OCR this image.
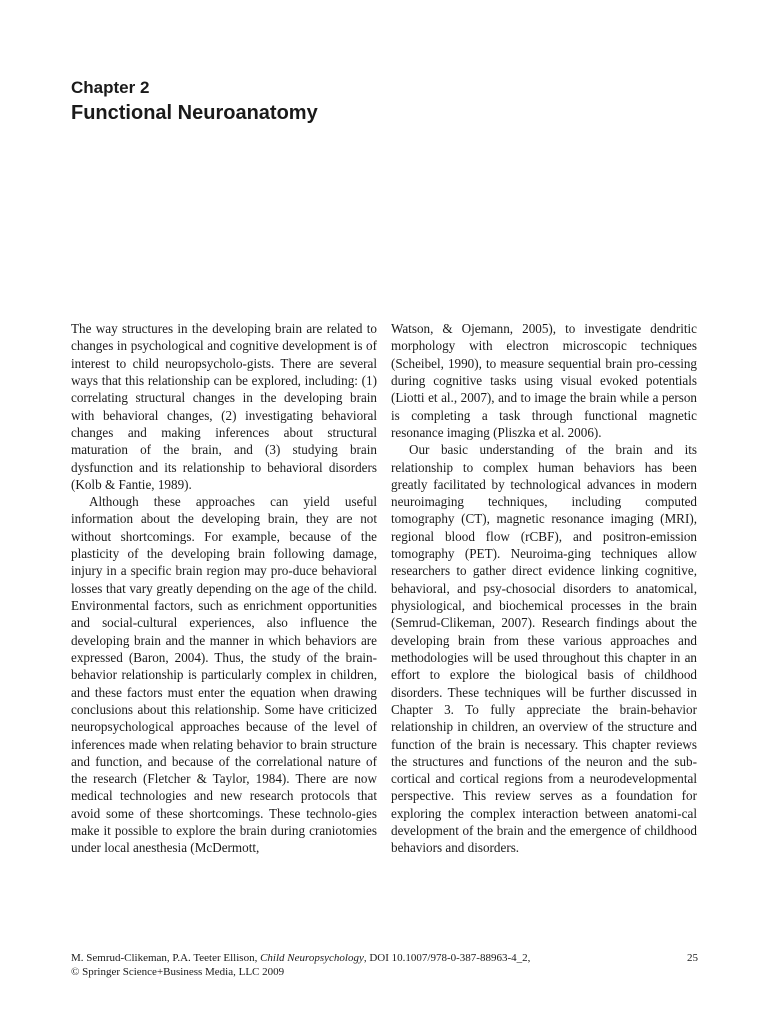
Chapter 2
Functional Neuroanatomy

The way structures in the developing brain are related to changes in psychological and cognitive development is of interest to child neuropsycholo-gists. There are several ways that this relationship can be explored, including: (1) correlating structural changes in the developing brain with behavioral changes, (2) investigating behavioral changes and making inferences about structural maturation of the brain, and (3) studying brain dysfunction and its relationship to behavioral disorders (Kolb & Fantie, 1989).

Although these approaches can yield useful information about the developing brain, they are not without shortcomings. For example, because of the plasticity of the developing brain following damage, injury in a specific brain region may pro-duce behavioral losses that vary greatly depending on the age of the child. Environmental factors, such as enrichment opportunities and social-cultural experiences, also influence the developing brain and the manner in which behaviors are expressed (Baron, 2004). Thus, the study of the brain-behavior relationship is particularly complex in children, and these factors must enter the equation when drawing conclusions about this relationship. Some have criticized neuropsychological approaches because of the level of inferences made when relating behavior to brain structure and function, and because of the correlational nature of the research (Fletcher & Taylor, 1984). There are now medical technologies and new research protocols that avoid some of these shortcomings. These technolo-gies make it possible to explore the brain during craniotomies under local anesthesia (McDermott,

Watson, & Ojemann, 2005), to investigate dendritic morphology with electron microscopic techniques (Scheibel, 1990), to measure sequential brain pro-cessing during cognitive tasks using visual evoked potentials (Liotti et al., 2007), and to image the brain while a person is completing a task through functional magnetic resonance imaging (Pliszka et al. 2006).

Our basic understanding of the brain and its relationship to complex human behaviors has been greatly facilitated by technological advances in modern neuroimaging techniques, including computed tomography (CT), magnetic resonance imaging (MRI), regional blood flow (rCBF), and positron-emission tomography (PET). Neuroima-ging techniques allow researchers to gather direct evidence linking cognitive, behavioral, and psy-chosocial disorders to anatomical, physiological, and biochemical processes in the brain (Semrud-Clikeman, 2007). Research findings about the developing brain from these various approaches and methodologies will be used throughout this chapter in an effort to explore the biological basis of childhood disorders. These techniques will be further discussed in Chapter 3. To fully appreciate the brain-behavior relationship in children, an overview of the structure and function of the brain is necessary. This chapter reviews the structures and functions of the neuron and the sub-cortical and cortical regions from a neurodevelopmental perspective. This review serves as a foundation for exploring the complex interaction between anatomi-cal development of the brain and the emergence of childhood behaviors and disorders.

M. Semrud-Clikeman, P.A. Teeter Ellison, Child Neuropsychology, DOI 10.1007/978-0-387-88963-4_2,
© Springer Science+Business Media, LLC 2009
25
